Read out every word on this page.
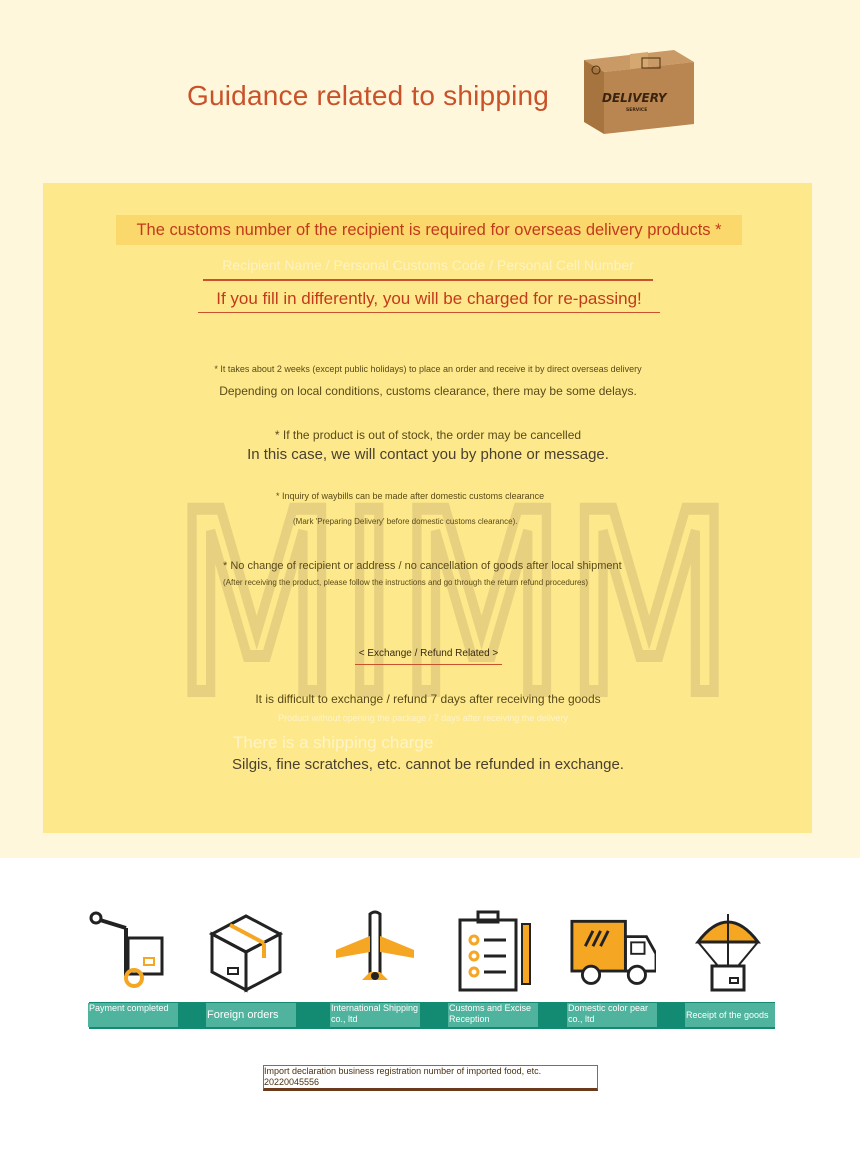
Guidance related to shipping	DELIVERY
SERVICE
MIMM
The customs number of the recipient is required for overseas delivery products *
Recipient Name / Personal Customs Code / Personal Cell Number
If you fill in differently, you will be charged for re-passing!
* It takes about 2 weeks (except public holidays) to place an order and receive it by direct overseas delivery
Depending on local conditions, customs clearance, there may be some delays.
* If the product is out of stock, the order may be cancelled
In this case, we will contact you by phone or message.
* Inquiry of waybills can be made after domestic customs clearance
(Mark 'Preparing Delivery' before domestic customs clearance).
* No change of recipient or address / no cancellation of goods after local shipment
(After receiving the product, please follow the instructions and go through the return refund procedures)
< Exchange / Refund Related >
It is difficult to exchange / refund 7 days after receiving the goods
Product without opening the package / 7 days after receiving the delivery
There is a shipping charge
Silgis, fine scratches, etc. cannot be refunded in exchange.
Payment completed
Foreign orders
International Shipping co., ltd
Customs and Excise Reception
Domestic color pear co., ltd	Receipt of the goods
Import declaration business registration number of imported food, etc.
20220045556
